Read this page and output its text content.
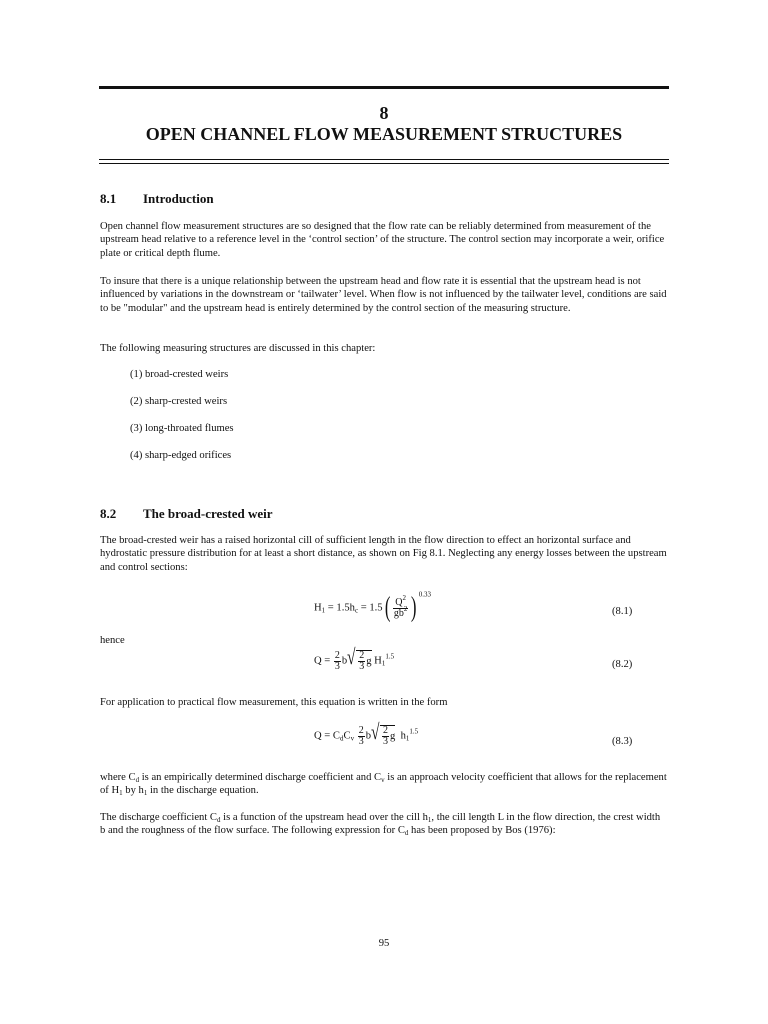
8
OPEN CHANNEL FLOW MEASUREMENT STRUCTURES
8.1 Introduction
Open channel flow measurement structures are so designed that the flow rate can be reliably determined from measurement of the upstream head relative to a reference level in the ‘control section’ of the structure. The control section may incorporate a weir, orifice plate or critical depth flume.
To insure that there is a unique relationship between the upstream head and flow rate it is essential that the upstream head is not influenced by variations in the downstream or ‘tailwater’ level. When flow is not influenced by the tailwater level, conditions are said to be "modular" and the upstream head is entirely determined by the control section of the measuring structure.
The following measuring structures are discussed in this chapter:
(1) broad-crested weirs
(2) sharp-crested weirs
(3) long-throated flumes
(4) sharp-edged orifices
8.2 The broad-crested weir
The broad-crested weir has a raised horizontal cill of sufficient length in the flow direction to effect an horizontal surface and hydrostatic pressure distribution for at least a short distance, as shown on Fig 8.1. Neglecting any energy losses between the upstream and control sections:
$H_1 = 1.5h_c = 1.5( \frac{Q^2}{gb^2}$ ) $^{0.33}$
(8.1)
hence
$Q = \frac{2}{3}$ b √ $\frac{2}{3}$ g $H_1^{1.5}$
(8.2)
For application to practical flow measurement, this equation is written in the form
$Q = C_dC_v \frac{2}{3}$ b √ $\frac{2}{3}$ g  $h_1^{1.5}$
(8.3)
where $C_d$ is an empirically determined discharge coefficient and $C_v$ is an approach velocity coefficient that allows for the replacement of $H_1$ by $h_1$ in the discharge equation.
The discharge coefficient $C_d$ is a function of the upstream head over the cill $h_1$, the cill length L in the flow direction, the crest width b and the roughness of the flow surface. The following expression for $C_d$ has been proposed by Bos (1976):
95
